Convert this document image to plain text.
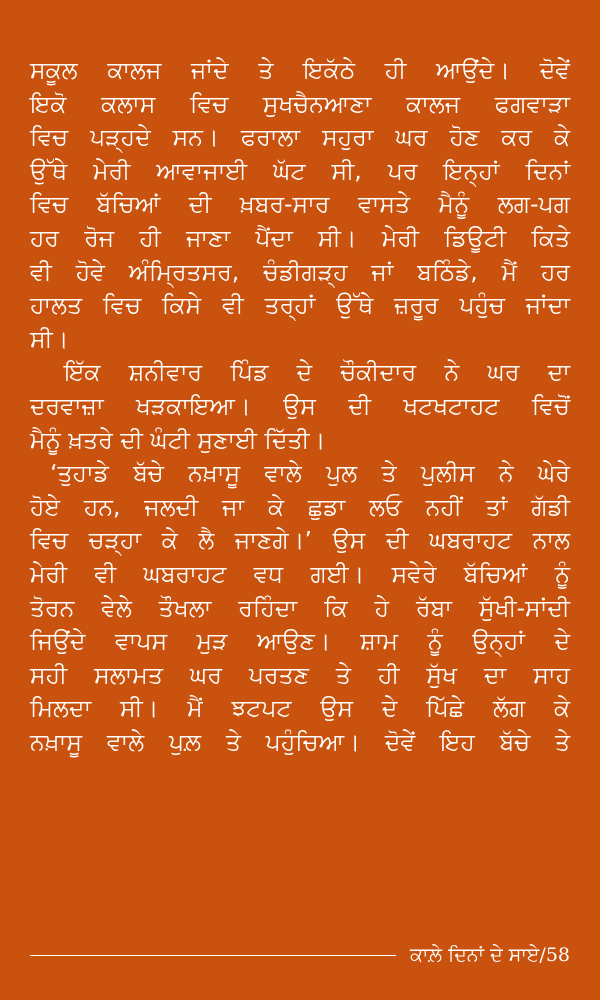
ਸਕੂਲ ਕਾਲਜ ਜਾਂਦੇ ਤੇ ਇਕੱਠੇ ਹੀ ਆਉਂਦੇ। ਦੋਵੇਂ
ਇਕੋ ਕਲਾਸ ਵਿਚ ਸੁਖਚੈਨਆਣਾ ਕਾਲਜ ਫਗਵਾੜਾ
ਵਿਚ ਪੜ੍ਹਦੇ ਸਨ। ਫਰਾਲਾ ਸਹੁਰਾ ਘਰ ਹੋਣ ਕਰ ਕੇ
ਉੱਥੇ ਮੇਰੀ ਆਵਾਜਾਈ ਘੱਟ ਸੀ, ਪਰ ਇਨ੍ਹਾਂ ਦਿਨਾਂ
ਵਿਚ ਬੱਚਿਆਂ ਦੀ ਖ਼ਬਰ-ਸਾਰ ਵਾਸਤੇ ਮੈਨੂੰ ਲਗ-ਪਗ
ਹਰ ਰੋਜ ਹੀ ਜਾਣਾ ਪੈਂਦਾ ਸੀ। ਮੇਰੀ ਡਿਊਟੀ ਕਿਤੇ
ਵੀ ਹੋਵੇ ਅੰਮ੍ਰਿਤਸਰ, ਚੰਡੀਗੜ੍ਹ ਜਾਂ ਬਠਿੰਡੇ, ਮੈਂ ਹਰ
ਹਾਲਤ ਵਿਚ ਕਿਸੇ ਵੀ ਤਰ੍ਹਾਂ ਉੱਥੇ ਜ਼ਰੂਰ ਪਹੁੰਚ ਜਾਂਦਾ
ਸੀ।
ਇੱਕ ਸ਼ਨੀਵਾਰ ਪਿੰਡ ਦੇ ਚੌਕੀਦਾਰ ਨੇ ਘਰ ਦਾ
ਦਰਵਾਜ਼ਾ ਖੜਕਾਇਆ। ਉਸ ਦੀ ਖਟਖਟਾਹਟ ਵਿਚੋਂ
ਮੈਨੂੰ ਖ਼ਤਰੇ ਦੀ ਘੰਟੀ ਸੁਣਾਈ ਦਿੱਤੀ।
‘ਤੁਹਾਡੇ ਬੱਚੇ ਨਖ਼ਾਸੂ ਵਾਲੇ ਪੁਲ ਤੇ ਪੁਲੀਸ ਨੇ ਘੇਰੇ
ਹੋਏ ਹਨ, ਜਲਦੀ ਜਾ ਕੇ ਛੁਡਾ ਲਓ ਨਹੀਂ ਤਾਂ ਗੱਡੀ
ਵਿਚ ਚੜ੍ਹਾ ਕੇ ਲੈ ਜਾਣਗੇ।’ ਉਸ ਦੀ ਘਬਰਾਹਟ ਨਾਲ
ਮੇਰੀ ਵੀ ਘਬਰਾਹਟ ਵਧ ਗਈ। ਸਵੇਰੇ ਬੱਚਿਆਂ ਨੂੰ
ਤੋਰਨ ਵੇਲੇ ਤੌਖਲਾ ਰਹਿੰਦਾ ਕਿ ਹੇ ਰੱਬਾ ਸੁੱਖੀ-ਸਾਂਦੀ
ਜਿਉਂਦੇ ਵਾਪਸ ਮੁੜ ਆਉਣ। ਸ਼ਾਮ ਨੂੰ ਉਨ੍ਹਾਂ ਦੇ
ਸਹੀ ਸਲਾਮਤ ਘਰ ਪਰਤਣ ਤੇ ਹੀ ਸੁੱਖ ਦਾ ਸਾਹ
ਮਿਲਦਾ ਸੀ। ਮੈਂ ਝਟਪਟ ਉਸ ਦੇ ਪਿੱਛੇ ਲੱਗ ਕੇ
ਨਖ਼ਾਸੂ ਵਾਲੇ ਪੁਲ਼ ਤੇ ਪਹੁੰਚਿਆ। ਦੋਵੇਂ ਇਹ ਬੱਚੇ ਤੇ
ਕਾਲ਼ੇ ਦਿਨਾਂ ਦੇ ਸਾਏ /58
